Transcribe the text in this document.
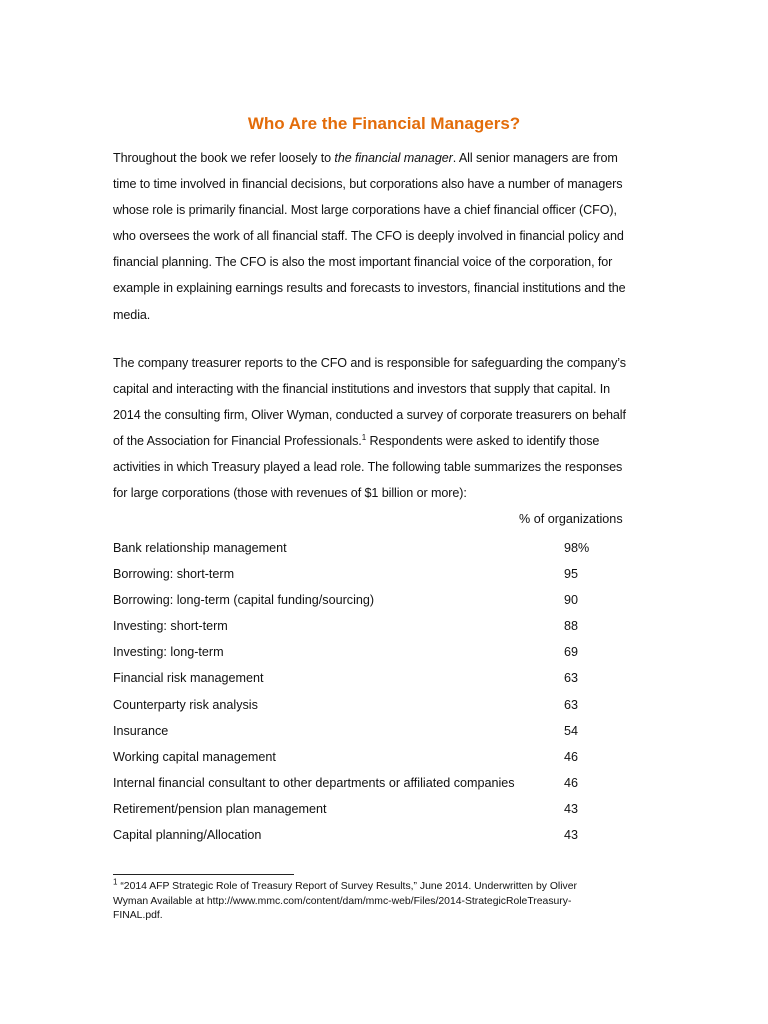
Who Are the Financial Managers?

Throughout the book we refer loosely to the financial manager. All senior managers are from
time to time involved in financial decisions, but corporations also have a number of managers
whose role is primarily financial. Most large corporations have a chief financial officer (CFO),
who oversees the work of all financial staff. The CFO is deeply involved in financial policy and
financial planning. The CFO is also the most important financial voice of the corporation, for
example in explaining earnings results and forecasts to investors, financial institutions and the
media.

The company treasurer reports to the CFO and is responsible for safeguarding the company’s
capital and interacting with the financial institutions and investors that supply that capital. In
2014 the consulting firm, Oliver Wyman, conducted a survey of corporate treasurers on behalf
of the Association for Financial Professionals.$^1$ Respondents were asked to identify those
activities in which Treasury played a lead role. The following table summarizes the responses
for large corporations (those with revenues of $1 billion or more):

% of organizations

Bank relationship management	98%
Borrowing: short-term	95
Borrowing: long-term (capital funding/sourcing)	90
Investing: short-term	88
Investing: long-term	69
Financial risk management	63
Counterparty risk analysis	63
Insurance	54
Working capital management	46
Internal financial consultant to other departments or affiliated companies	46
Retirement/pension plan management	43
Capital planning/Allocation	43

$^1$ “2014 AFP Strategic Role of Treasury Report of Survey Results,” June 2014. Underwritten by Oliver
Wyman Available at http://www.mmc.com/content/dam/mmc-web/Files/2014-StrategicRoleTreasury-
FINAL.pdf.
